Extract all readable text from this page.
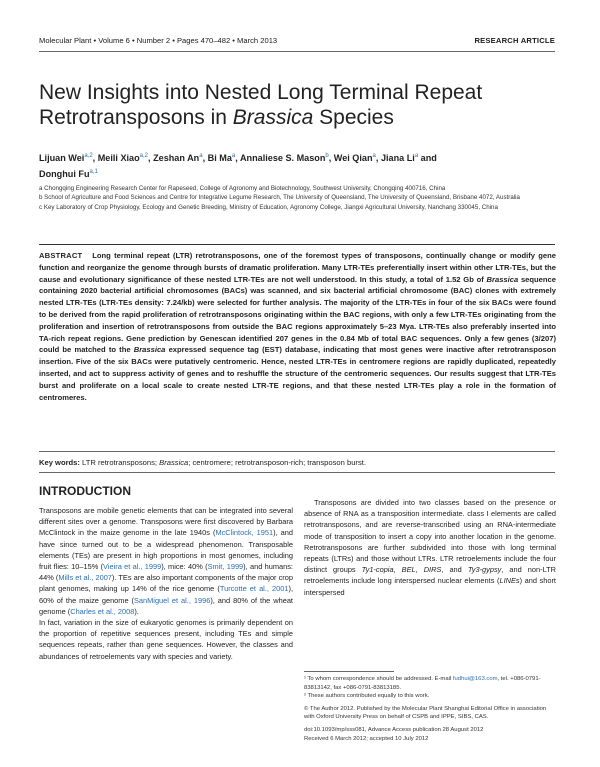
Molecular Plant • Volume 6 • Number 2 • Pages 470–482 • March 2013	RESEARCH ARTICLE
New Insights into Nested Long Terminal Repeat
Retrotransposons in Brassica Species

Lijuan Wei$^{a,2}$, Meili Xiao$^{a,2}$, Zeshan An$^a$, Bi Ma$^a$, Annaliese S. Mason$^b$, Wei Qian$^a$, Jiana Li$^a$ and
Donghui Fu$^{a,1}$

a Chongqing Engineering Research Center for Rapeseed, College of Agronomy and Biotechnology, Southwest University, Chongqing 400716, China

b School of Agriculture and Food Sciences and Centre for Integrative Legume Research, The University of Queensland, The University of Queensland, Brisbane 4072, Australia

c Key Laboratory of Crop Physiology, Ecology and Genetic Breeding, Ministry of Education, Agronomy College, Jiangxi Agricultural University, Nanchang 330045, China

ABSTRACT Long terminal repeat (LTR) retrotransposons, one of the foremost types of transposons, continually change or modify gene function and reorganize the genome through bursts of dramatic proliferation. Many LTR-TEs preferentially insert within other LTR-TEs, but the cause and evolutionary significance of these nested LTR-TEs are not well understood. In this study, a total of 1.52 Gb of Brassica sequence containing 2020 bacterial artificial chromosomes (BACs) was scanned, and six bacterial artificial chromosome (BAC) clones with extremely nested LTR-TEs (LTR-TEs density: 7.24/kb) were selected for further analysis. The majority of the LTR-TEs in four of the six BACs were found to be derived from the rapid proliferation of retrotransposons originating within the BAC regions, with only a few LTR-TEs originating from the proliferation and insertion of retrotransposons from outside the BAC regions approximately 5–23 Mya. LTR-TEs also preferably inserted into TA-rich repeat regions. Gene prediction by Genescan identified 207 genes in the 0.84 Mb of total BAC sequences. Only a few genes (3/207) could be matched to the Brassica expressed sequence tag (EST) database, indicating that most genes were inactive after retrotransposon insertion. Five of the six BACs were putatively centromeric. Hence, nested LTR-TEs in centromere regions are rapidly duplicated, repeatedly inserted, and act to suppress activity of genes and to reshuffle the structure of the centromeric sequences. Our results suggest that LTR-TEs burst and proliferate on a local scale to create nested LTR-TE regions, and that these nested LTR-TEs play a role in the formation of centromeres.

Key words: LTR retrotransposons; Brassica; centromere; retrotransposon-rich; transposon burst.

INTRODUCTION

Transposons are mobile genetic elements that can be integrated into several different sites over a genome. Transposons were first discovered by Barbara McClintock in the maize genome in the late 1940s (McClintock, 1951), and have since turned out to be a widespread phenomenon. Transposable elements (TEs) are present in high proportions in most genomes, including fruit flies: 10–15% (Vieira et al., 1999), mice: 40% (Smit, 1999), and humans: 44% (Mills et al., 2007). TEs are also important components of the major crop plant genomes, making up 14% of the rice genome (Turcotte et al., 2001), 60% of the maize genome (SanMiguel et al., 1996), and 80% of the wheat genome (Charles et al., 2008).

In fact, variation in the size of eukaryotic genomes is primarily dependent on the proportion of repetitive sequences present, including TEs and simple sequences repeats, rather than gene sequences. However, the classes and abundances of retroelements vary with species and variety.

Transposons are divided into two classes based on the presence or absence of RNA as a transposition intermediate. class I elements are called retrotransposons, and are reverse-transcribed using an RNA-intermediate mode of transposition to insert a copy into another location in the genome. Retrotransposons are further subdivided into those with long terminal repeats (LTRs) and those without LTRs. LTR retroelements include the four distinct groups Ty1-copia, BEL, DIRS, and Ty3-gypsy, and non-LTR retroelements include long interspersed nuclear elements (LINEs) and short interspersed

¹ To whom correspondence should be addressed. E-mail fudhui@163.com, tel. +086-0791-83813142, fax +086-0791-83813185.

² These authors contributed equally to this work.

© The Author 2012. Published by the Molecular Plant Shanghai Editorial Office in association with Oxford University Press on behalf of CSPB and IPPE, SIBS, CAS.

doi:10.1093/mp/sss081, Advance Access publication 28 August 2012

Received 6 March 2012; accepted 10 July 2012
